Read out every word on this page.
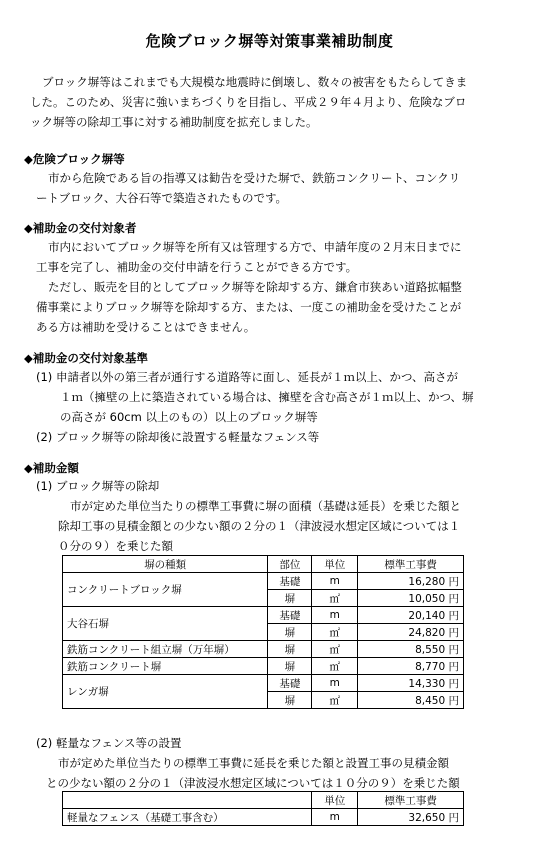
危険ブロック塀等対策事業補助制度
ブロック塀等はこれまでも大規模な地震時に倒壊し、数々の被害をもたらしてきま
した。このため、災害に強いまちづくりを目指し、平成２９年４月より、危険なブロ
ック塀等の除却工事に対する補助制度を拡充しました。
◆危険ブロック塀等
市から危険である旨の指導又は勧告を受けた塀で、鉄筋コンクリート、コンクリ
ートブロック、大谷石等で築造されたものです。
◆補助金の交付対象者
市内においてブロック塀等を所有又は管理する方で、申請年度の２月末日までに
工事を完了し、補助金の交付申請を行うことができる方です。
ただし、販売を目的としてブロック塀等を除却する方、鎌倉市狭あい道路拡幅整
備事業によりブロック塀等を除却する方、または、一度この補助金を受けたことが
ある方は補助を受けることはできません。
◆補助金の交付対象基準
(1) 申請者以外の第三者が通行する道路等に面し、延長が１ｍ以上、かつ、高さが
１ｍ（擁壁の上に築造されている場合は、擁壁を含む高さが１ｍ以上、かつ、塀
の高さが 60cm 以上のもの）以上のブロック塀等
(2) ブロック塀等の除却後に設置する軽量なフェンス等
◆補助金額
(1) ブロック塀等の除却
市が定めた単位当たりの標準工事費に塀の面積（基礎は延長）を乗じた額と
除却工事の見積金額との少ない額の２分の１（津波浸水想定区域については１
０分の９）を乗じた額
塀の種類	部位	単位	標準工事費
コンクリートブロック塀	基礎	m	16,280 円
	塀	㎡	10,050 円
大谷石塀	基礎	m	20,140 円
	塀	㎡	24,820 円
鉄筋コンクリート組立塀（万年塀）	塀	㎡	8,550 円
鉄筋コンクリート塀	塀	㎡	8,770 円
レンガ塀	基礎	m	14,330 円
	塀	㎡	8,450 円
(2) 軽量なフェンス等の設置
市が定めた単位当たりの標準工事費に延長を乗じた額と設置工事の見積金額
との少ない額の２分の１（津波浸水想定区域については１０分の９）を乗じた額
	単位	標準工事費
軽量なフェンス（基礎工事含む）	m	32,650 円
